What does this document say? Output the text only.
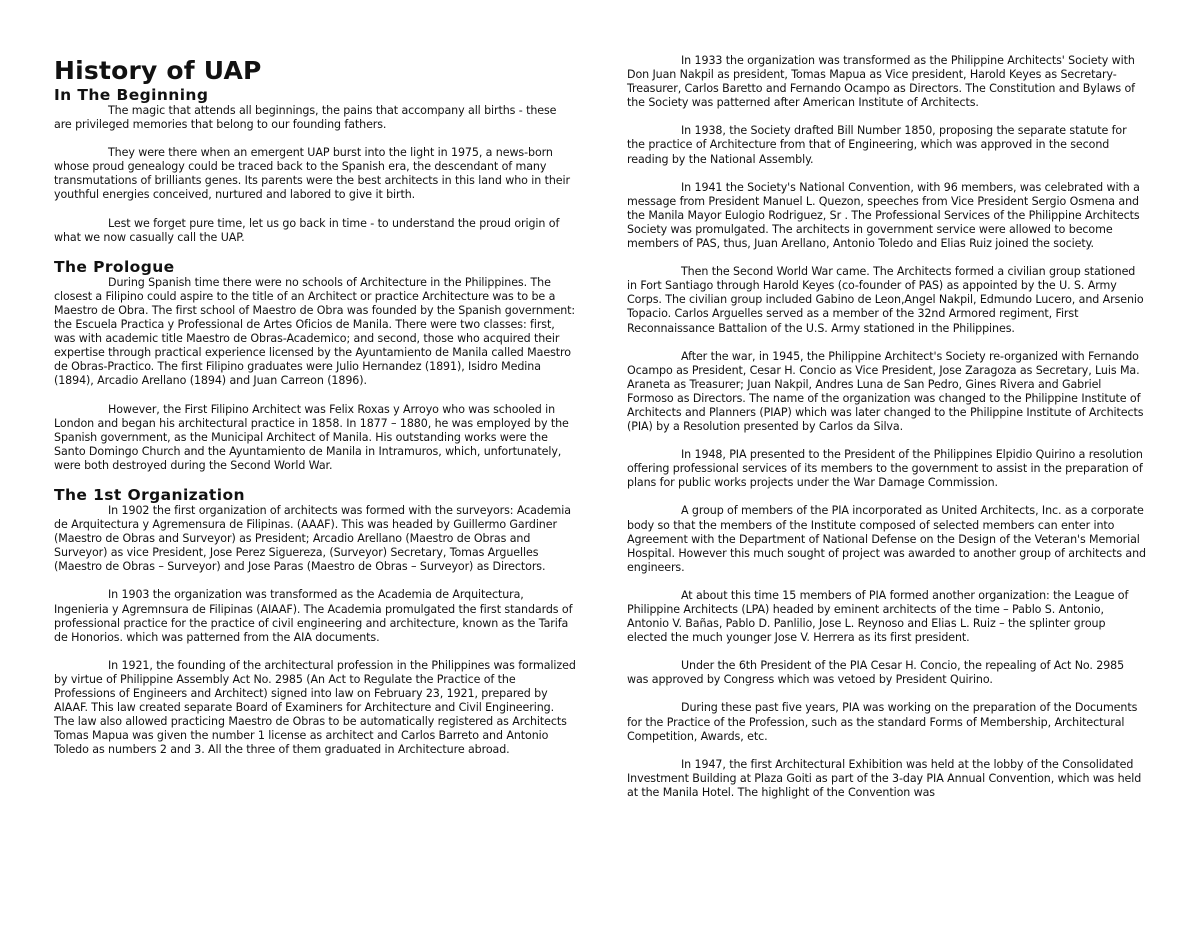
History of UAP
In The Beginning

The magic that attends all beginnings, the pains that accompany all births - these are privileged memories that belong to our founding fathers.

They were there when an emergent UAP burst into the light in 1975, a news-born whose proud genealogy could be traced back to the Spanish era, the descendant of many transmutations of brilliants genes. Its parents were the best architects in this land who in their youthful energies conceived, nurtured and labored to give it birth.

Lest we forget pure time, let us go back in time - to understand the proud origin of what we now casually call the UAP.

The Prologue

During Spanish time there were no schools of Architecture in the Philippines. The closest a Filipino could aspire to the title of an Architect or practice Architecture was to be a Maestro de Obra. The first school of Maestro de Obra was founded by the Spanish government: the Escuela Practica y Professional de Artes Oficios de Manila. There were two classes: first, was with academic title Maestro de Obras-Academico; and second, those who acquired their expertise through practical experience licensed by the Ayuntamiento de Manila called Maestro de Obras-Practico. The first Filipino graduates were Julio Hernandez (1891), Isidro Medina (1894), Arcadio Arellano (1894) and Juan Carreon (1896).

However, the First Filipino Architect was Felix Roxas y Arroyo who was schooled in London and began his architectural practice in 1858. In 1877 – 1880, he was employed by the Spanish government, as the Municipal Architect of Manila. His outstanding works were the Santo Domingo Church and the Ayuntamiento de Manila in Intramuros, which, unfortunately, were both destroyed during the Second World War.

The 1st Organization

In 1902 the first organization of architects was formed with the surveyors: Academia de Arquitectura y Agremensura de Filipinas. (AAAF). This was headed by Guillermo Gardiner (Maestro de Obras and Surveyor) as President; Arcadio Arellano (Maestro de Obras and Surveyor) as vice President, Jose Perez Siguereza, (Surveyor) Secretary, Tomas Arguelles (Maestro de Obras – Surveyor) and Jose Paras (Maestro de Obras – Surveyor) as Directors.

In 1903 the organization was transformed as the Academia de Arquitectura, Ingenieria y Agremnsura de Filipinas (AIAAF). The Academia promulgated the first standards of professional practice for the practice of civil engineering and architecture, known as the Tarifa de Honorios. which was patterned from the AIA documents.

In 1921, the founding of the architectural profession in the Philippines was formalized by virtue of Philippine Assembly Act No. 2985 (An Act to Regulate the Practice of the Professions of Engineers and Architect) signed into law on February 23, 1921, prepared by AIAAF. This law created separate Board of Examiners for Architecture and Civil Engineering. The law also allowed practicing Maestro de Obras to be automatically registered as Architects Tomas Mapua was given the number 1 license as architect and Carlos Barreto and Antonio Toledo as numbers 2 and 3. All the three of them graduated in Architecture abroad.

In 1933 the organization was transformed as the Philippine Architects' Society with Don Juan Nakpil as president, Tomas Mapua as Vice president, Harold Keyes as Secretary-Treasurer, Carlos Baretto and Fernando Ocampo as Directors. The Constitution and Bylaws of the Society was patterned after American Institute of Architects.

In 1938, the Society drafted Bill Number 1850, proposing the separate statute for the practice of Architecture from that of Engineering, which was approved in the second reading by the National Assembly.

In 1941 the Society's National Convention, with 96 members, was celebrated with a message from President Manuel L. Quezon, speeches from Vice President Sergio Osmena and the Manila Mayor Eulogio Rodriguez, Sr . The Professional Services of the Philippine Architects Society was promulgated. The architects in government service were allowed to become members of PAS, thus, Juan Arellano, Antonio Toledo and Elias Ruiz joined the society.

Then the Second World War came. The Architects formed a civilian group stationed in Fort Santiago through Harold Keyes (co-founder of PAS) as appointed by the U. S. Army Corps. The civilian group included Gabino de Leon,Angel Nakpil, Edmundo Lucero, and Arsenio Topacio. Carlos Arguelles served as a member of the 32nd Armored regiment, First Reconnaissance Battalion of the U.S. Army stationed in the Philippines.

After the war, in 1945, the Philippine Architect's Society re-organized with Fernando Ocampo as President, Cesar H. Concio as Vice President, Jose Zaragoza as Secretary, Luis Ma. Araneta as Treasurer; Juan Nakpil, Andres Luna de San Pedro, Gines Rivera and Gabriel Formoso as Directors. The name of the organization was changed to the Philippine Institute of Architects and Planners (PIAP) which was later changed to the Philippine Institute of Architects (PIA) by a Resolution presented by Carlos da Silva.

In 1948, PIA presented to the President of the Philippines Elpidio Quirino a resolution offering professional services of its members to the government to assist in the preparation of plans for public works projects under the War Damage Commission.

A group of members of the PIA incorporated as United Architects, Inc. as a corporate body so that the members of the Institute composed of selected members can enter into Agreement with the Department of National Defense on the Design of the Veteran's Memorial Hospital. However this much sought of project was awarded to another group of architects and engineers.

At about this time 15 members of PIA formed another organization: the League of Philippine Architects (LPA) headed by eminent architects of the time – Pablo S. Antonio, Antonio V. Bañas, Pablo D. Panlilio, Jose L. Reynoso and Elias L. Ruiz – the splinter group elected the much younger Jose V. Herrera as its first president.

Under the 6th President of the PIA Cesar H. Concio, the repealing of Act No. 2985 was approved by Congress which was vetoed by President Quirino.

During these past five years, PIA was working on the preparation of the Documents for the Practice of the Profession, such as the standard Forms of Membership, Architectural Competition, Awards, etc.

In 1947, the first Architectural Exhibition was held at the lobby of the Consolidated Investment Building at Plaza Goiti as part of the 3-day PIA Annual Convention, which was held at the Manila Hotel. The highlight of the Convention was
